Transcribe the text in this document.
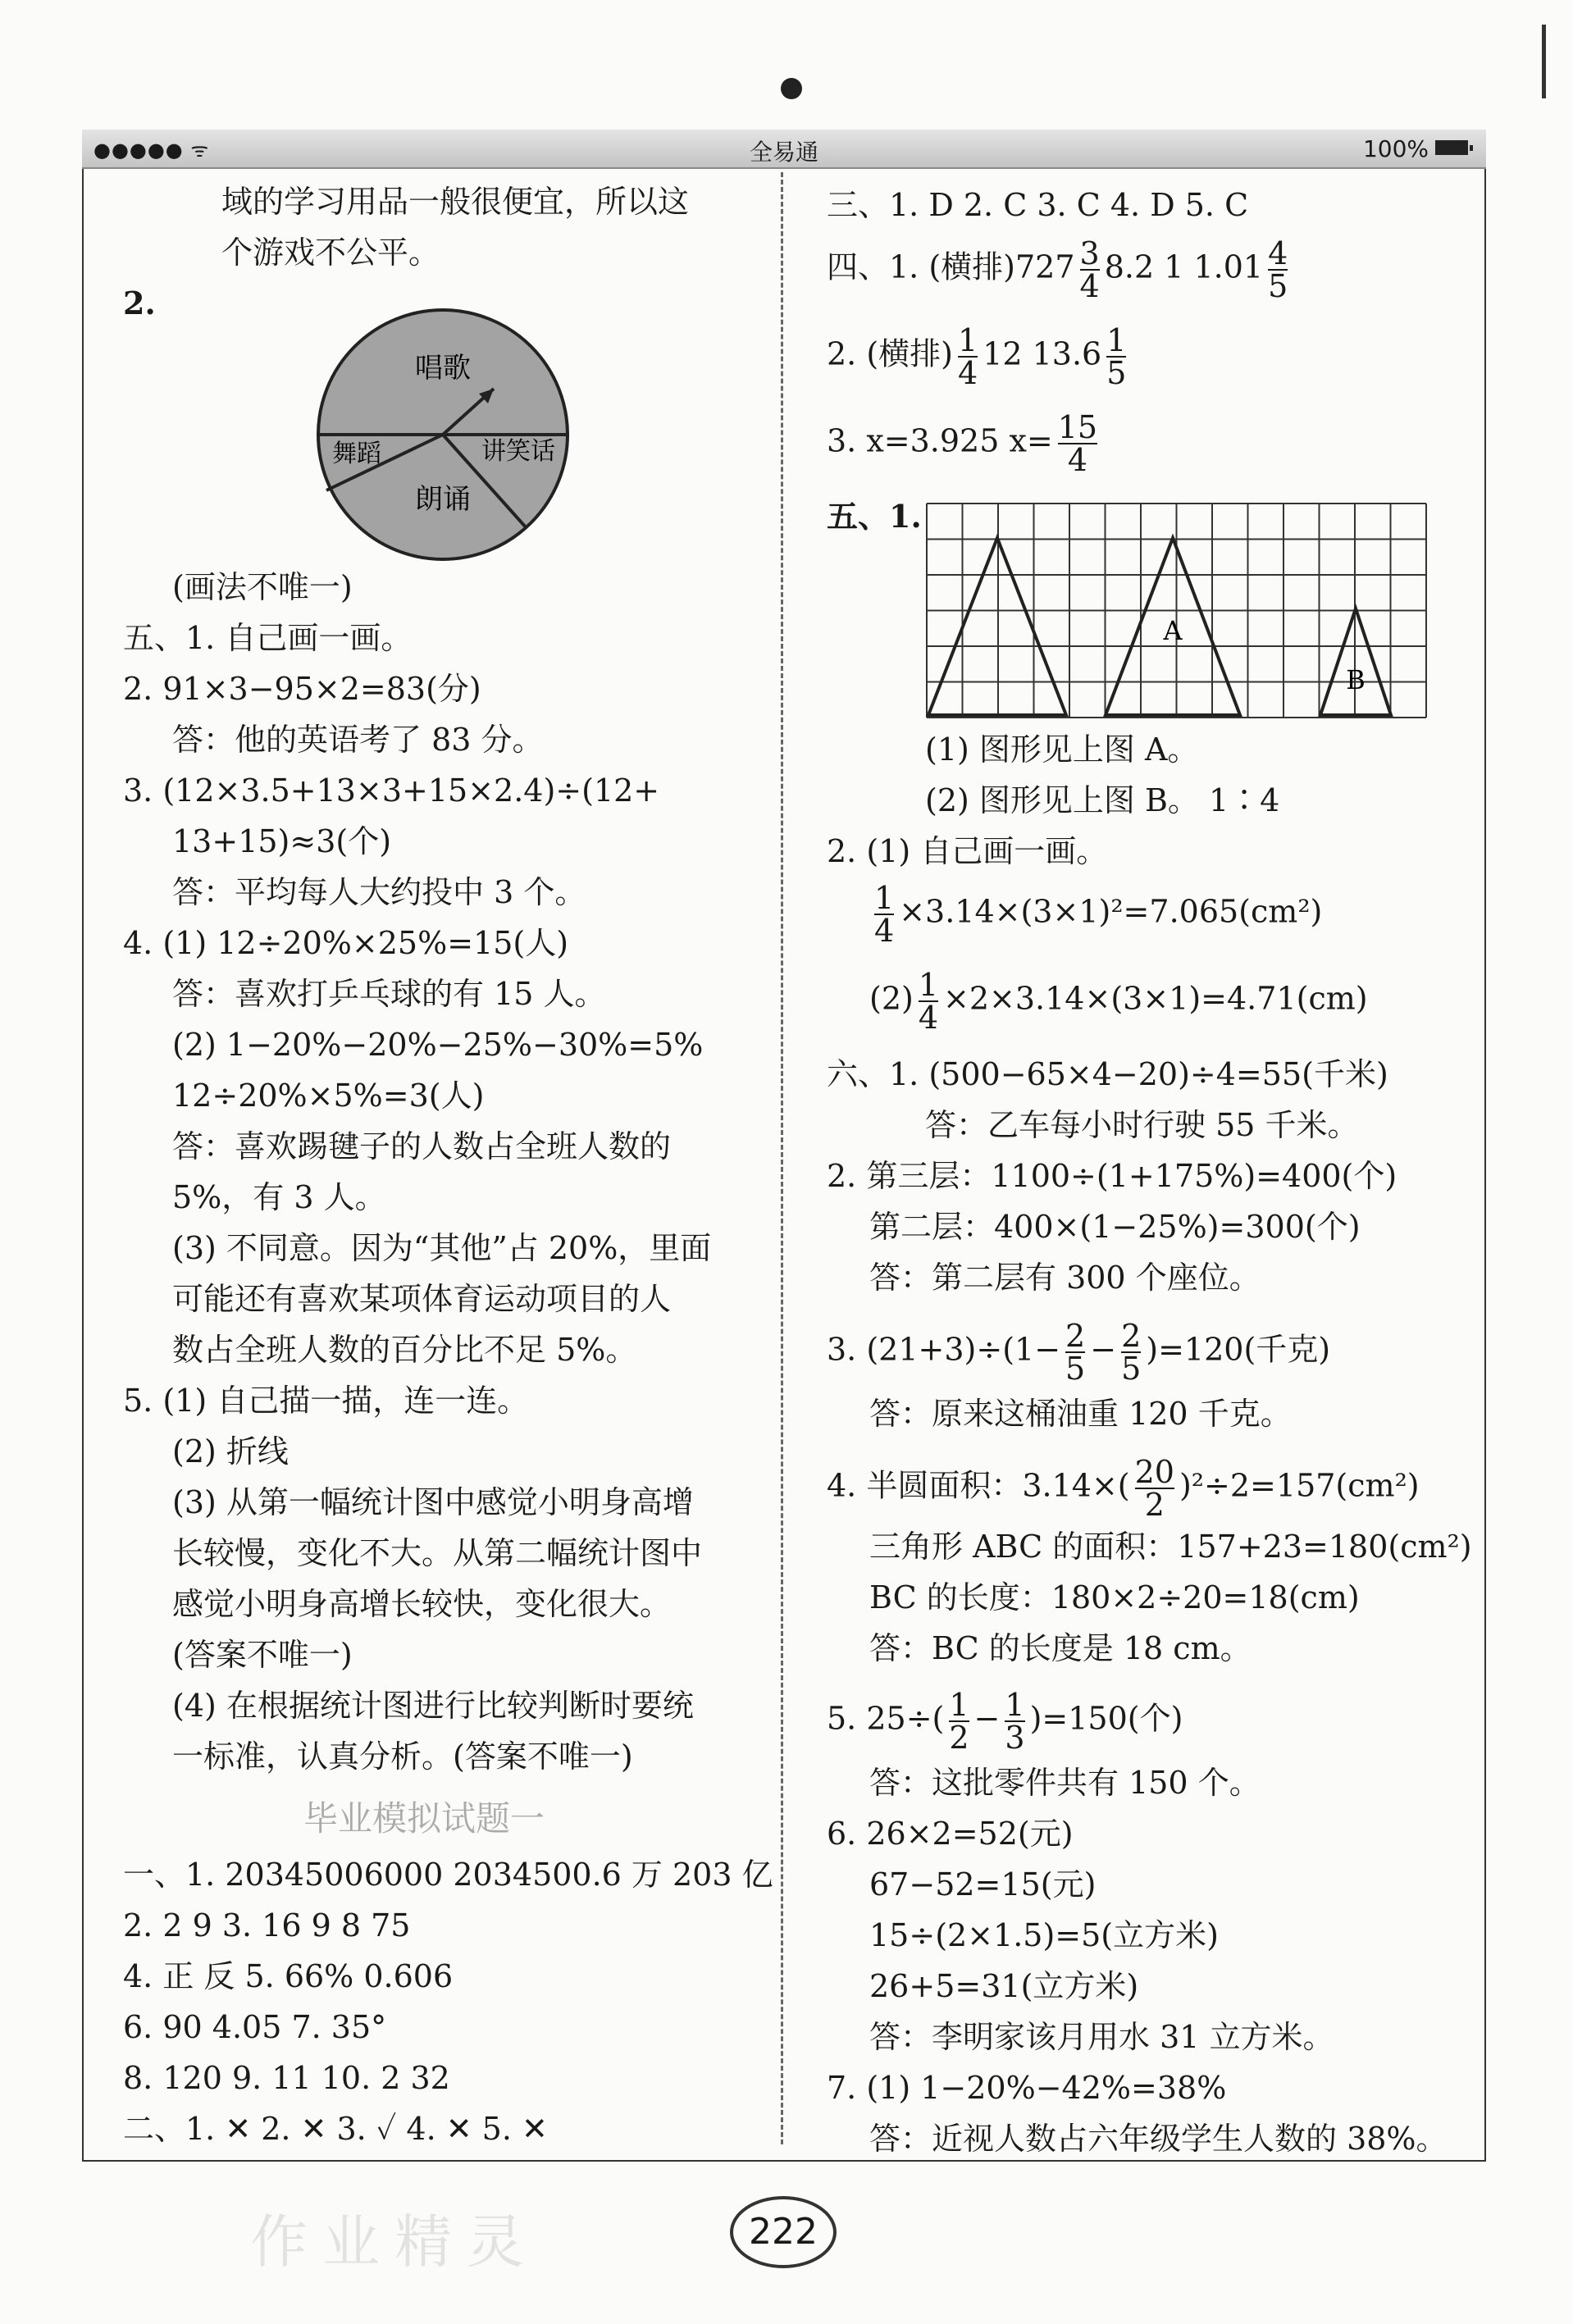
●●●●● ᯤ	全易通	100%
域的学习用品一般很便宜，所以这
个游戏不公平。
2.
唱歌
舞蹈	讲笑话
朗诵
(画法不唯一)
五、1. 自己画一画。
2. 91×3−95×2=83(分)
答：他的英语考了 83 分。
3. (12×3.5+13×3+15×2.4)÷(12+
13+15)≈3(个)
答：平均每人大约投中 3 个。
4. (1) 12÷20%×25%=15(人)
答：喜欢打乒乓球的有 15 人。
(2) 1−20%−20%−25%−30%=5%
12÷20%×5%=3(人)
答：喜欢踢毽子的人数占全班人数的
5%，有 3 人。
(3) 不同意。因为“其他”占 20%，里面
可能还有喜欢某项体育运动项目的人
数占全班人数的百分比不足 5%。
5. (1) 自己描一描，连一连。
(2) 折线
(3) 从第一幅统计图中感觉小明身高增
长较慢，变化不大。从第二幅统计图中
感觉小明身高增长较快，变化很大。
(答案不唯一)
(4) 在根据统计图进行比较判断时要统
一标准，认真分析。(答案不唯一)
毕业模拟试题一
一、1. 20345006000 2034500.6 万 203 亿
2. 2 9 3. 16 9 8 75
4. 正 反 5. 66% 0.606
6. 90 4.05 7. 35°
8. 120 9. 11 10. 2 32
二、1. ✕ 2. ✕ 3. ✓ 4. ✕ 5. ✕
三、1. D 2. C 3. C 4. D 5. C
四、1. (横排)$727 \frac{3}{4} 8.2$ 1 $1.01 \frac{4}{5}$
2. (横排) $\frac{1}{4} 12$ $13.6 \frac{1}{5}$
3. x=3.925 $x= \frac{15}{4}$
五、1.
A
B
(1) 图形见上图 A。
(2) 图形见上图 B。 1∶4
2. (1) 自己画一画。
$\frac{1}{4} \times 3.14\times(3\times 1)^2=7.065(cm^2)$
$(2) \frac{1}{4} \times 2\times 3.14\times(3\times 1)=4.71(cm)$
六、1. (500−65×4−20)÷4=55(千米)
答：乙车每小时行驶 55 千米。
2. 第三层：1100÷(1+175%)=400(个)
第二层：400×(1−25%)=300(个)
答：第二层有 300 个座位。
3. $(21+3)\div(1- \frac{2}{5} - \frac{2}{5} )=120$(千克)
答：原来这桶油重 120 千克。
4. 半圆面积：$3.14\times( \frac{20}{2} )^2\div 2=157(cm^2)$
三角形 ABC 的面积：157+23=180(cm²)
BC 的长度：180×2÷20=18(cm)
答：BC 的长度是 18 cm。
5. $25\div( \frac{1}{2} - \frac{1}{3} )=150$(个)
答：这批零件共有 150 个。
6. 26×2=52(元)
67−52=15(元)
15÷(2×1.5)=5(立方米)
26+5=31(立方米)
答：李明家该月用水 31 立方米。
7. (1) 1−20%−42%=38%
答：近视人数占六年级学生人数的 38%。
作业精灵	222
